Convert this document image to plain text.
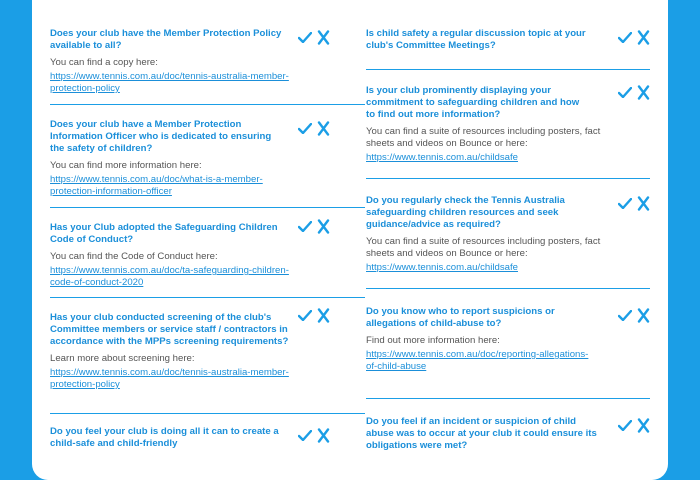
Does your club have the Member Protection Policy available to all?

You can find a copy here:

https://www.tennis.com.au/doc/tennis-australia-member-protection-policy

Does your club have a Member Protection Information Officer who is dedicated to ensuring the safety of children?

You can find more information here:

https://www.tennis.com.au/doc/what-is-a-member-protection-information-officer

Has your Club adopted the Safeguarding Children Code of Conduct?

You can find the Code of Conduct here:

https://www.tennis.com.au/doc/ta-safeguarding-children-code-of-conduct-2020

Has your club conducted screening of the club's Committee members or service staff / contractors in accordance with the MPPs screening requirements?

Learn more about screening here:

https://www.tennis.com.au/doc/tennis-australia-member-protection-policy

Do you feel your club is doing all it can to create a child-safe and child-friendly

Is child safety a regular discussion topic at your club's Committee Meetings?

Is your club prominently displaying your commitment to safeguarding children and how to find out more information?

You can find a suite of resources including posters, fact sheets and videos on Bounce or here:

https://www.tennis.com.au/childsafe

Do you regularly check the Tennis Australia safeguarding children resources and seek guidance/advice as required?

You can find a suite of resources including posters, fact sheets and videos on Bounce or here:

https://www.tennis.com.au/childsafe

Do you know who to report suspicions or allegations of child-abuse to?

Find out more information here:

https://www.tennis.com.au/doc/reporting-allegations-of-child-abuse

Do you feel if an incident or suspicion of child abuse was to occur at your club it could ensure its obligations were met?
